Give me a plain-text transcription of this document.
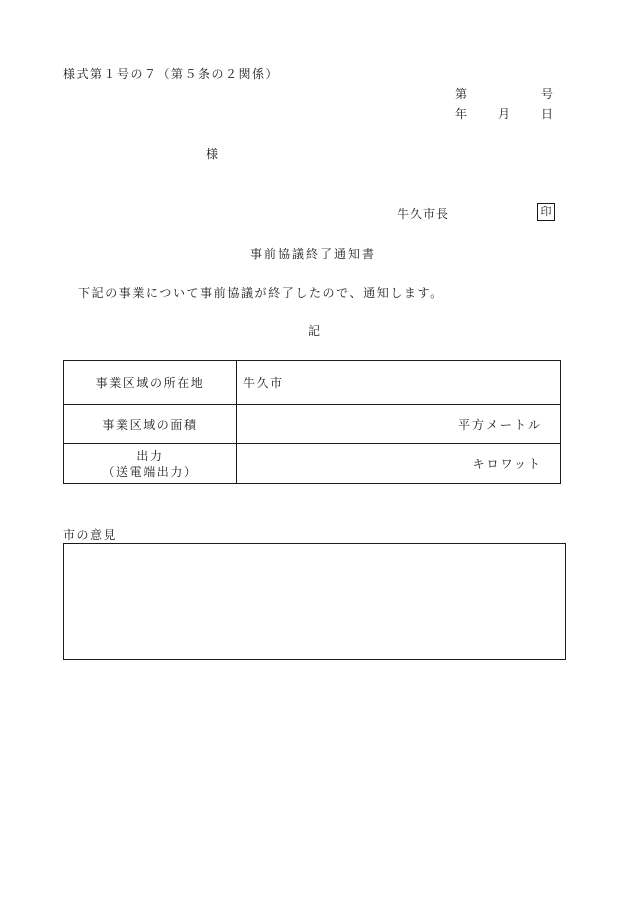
様式第１号の７（第５条の２関係）
第	号
年	月	日
様
牛久市長	印
事前協議終了通知書
下記の事業について事前協議が終了したので、通知します。
記
事業区域の所在地	牛久市
事業区域の面積	平方メートル

出力
（送電端出力）	キロワット
市の意見
